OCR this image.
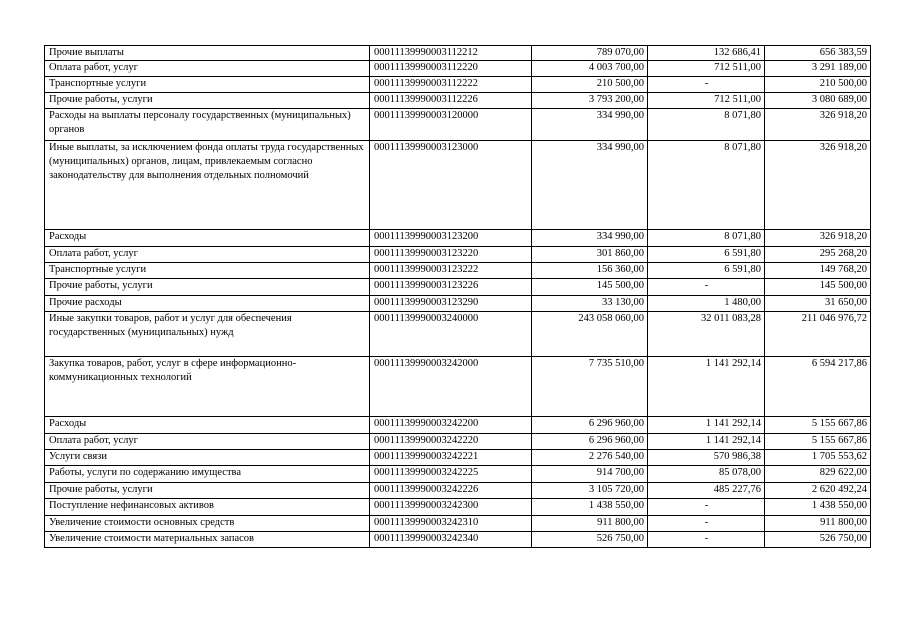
Прочие выплаты	00011139990003112212	789 070,00	132 686,41	656 383,59
Оплата работ, услуг	00011139990003112220	4 003 700,00	712 511,00	3 291 189,00
Транспортные услуги	00011139990003112222	210 500,00	-	210 500,00
Прочие работы, услуги	00011139990003112226	3 793 200,00	712 511,00	3 080 689,00
Расходы на выплаты персоналу государственных (муниципальных) органов	00011139990003120000	334 990,00	8 071,80	326 918,20
Иные выплаты, за исключением фонда оплаты труда государственных (муниципальных) органов, лицам, привлекаемым согласно законодательству для выполнения отдельных полномочий	00011139990003123000	334 990,00	8 071,80	326 918,20
Расходы	00011139990003123200	334 990,00	8 071,80	326 918,20
Оплата работ, услуг	00011139990003123220	301 860,00	6 591,80	295 268,20
Транспортные услуги	00011139990003123222	156 360,00	6 591,80	149 768,20
Прочие работы, услуги	00011139990003123226	145 500,00	-	145 500,00
Прочие расходы	00011139990003123290	33 130,00	1 480,00	31 650,00
Иные закупки товаров, работ и услуг для обеспечения государственных (муниципальных) нужд	00011139990003240000	243 058 060,00	32 011 083,28	211 046 976,72
Закупка товаров, работ, услуг в сфере информационно-коммуникационных технологий	00011139990003242000	7 735 510,00	1 141 292,14	6 594 217,86
Расходы	00011139990003242200	6 296 960,00	1 141 292,14	5 155 667,86
Оплата работ, услуг	00011139990003242220	6 296 960,00	1 141 292,14	5 155 667,86
Услуги связи	00011139990003242221	2 276 540,00	570 986,38	1 705 553,62
Работы, услуги по содержанию имущества	00011139990003242225	914 700,00	85 078,00	829 622,00
Прочие работы, услуги	00011139990003242226	3 105 720,00	485 227,76	2 620 492,24
Поступление нефинансовых активов	00011139990003242300	1 438 550,00	-	1 438 550,00
Увеличение стоимости основных средств	00011139990003242310	911 800,00	-	911 800,00
Увеличение стоимости материальных запасов	00011139990003242340	526 750,00	-	526 750,00
